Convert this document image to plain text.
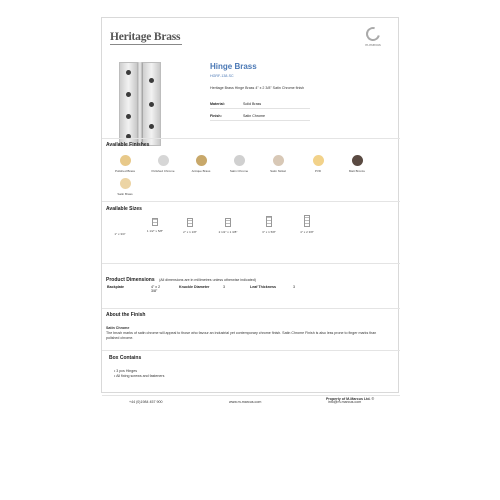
Heritage Brass
m-marcus
Hinge Brass
HGRF-138-SC
Heritage Brass Hinge Brass 4" x 2 3/8" Satin Chrome finish
Material:	Solid Brass
Finish:	Satin Chrome
Available Finishes
Polished Brass	Polished Chrome	Antique Brass	Satin Chrome	Satin Nickel	PVD	Matt Bronze
Satin Brass
Available Sizes
1" x 3/4"
1 1/2" x 5/8"	2" x 1 1/8"	2 1/2" x 1 3/8"	3" x 1 5/8"	4" x 2 3/8"
Product Dimensions (All dimensions are in millimetres unless otherwise indicated)
Backplate	4" x 2 3/8"
Knuckle Diameter	3	Leaf Thickness	3
About the Finish
Satin Chrome
The brush marks of satin chrome will appeal to those who favour an industrial yet contemporary chrome finish. Satin Chrome Finish is also less prone to finger marks than polished chrome.
Box Contains
• 3 pcs Hinges
• All fixing screws and fasteners
+44 (0)1984 457 900	www.m-marcus.com	info@m-marcus.com
Property of M-Marcus Ltd. ©
